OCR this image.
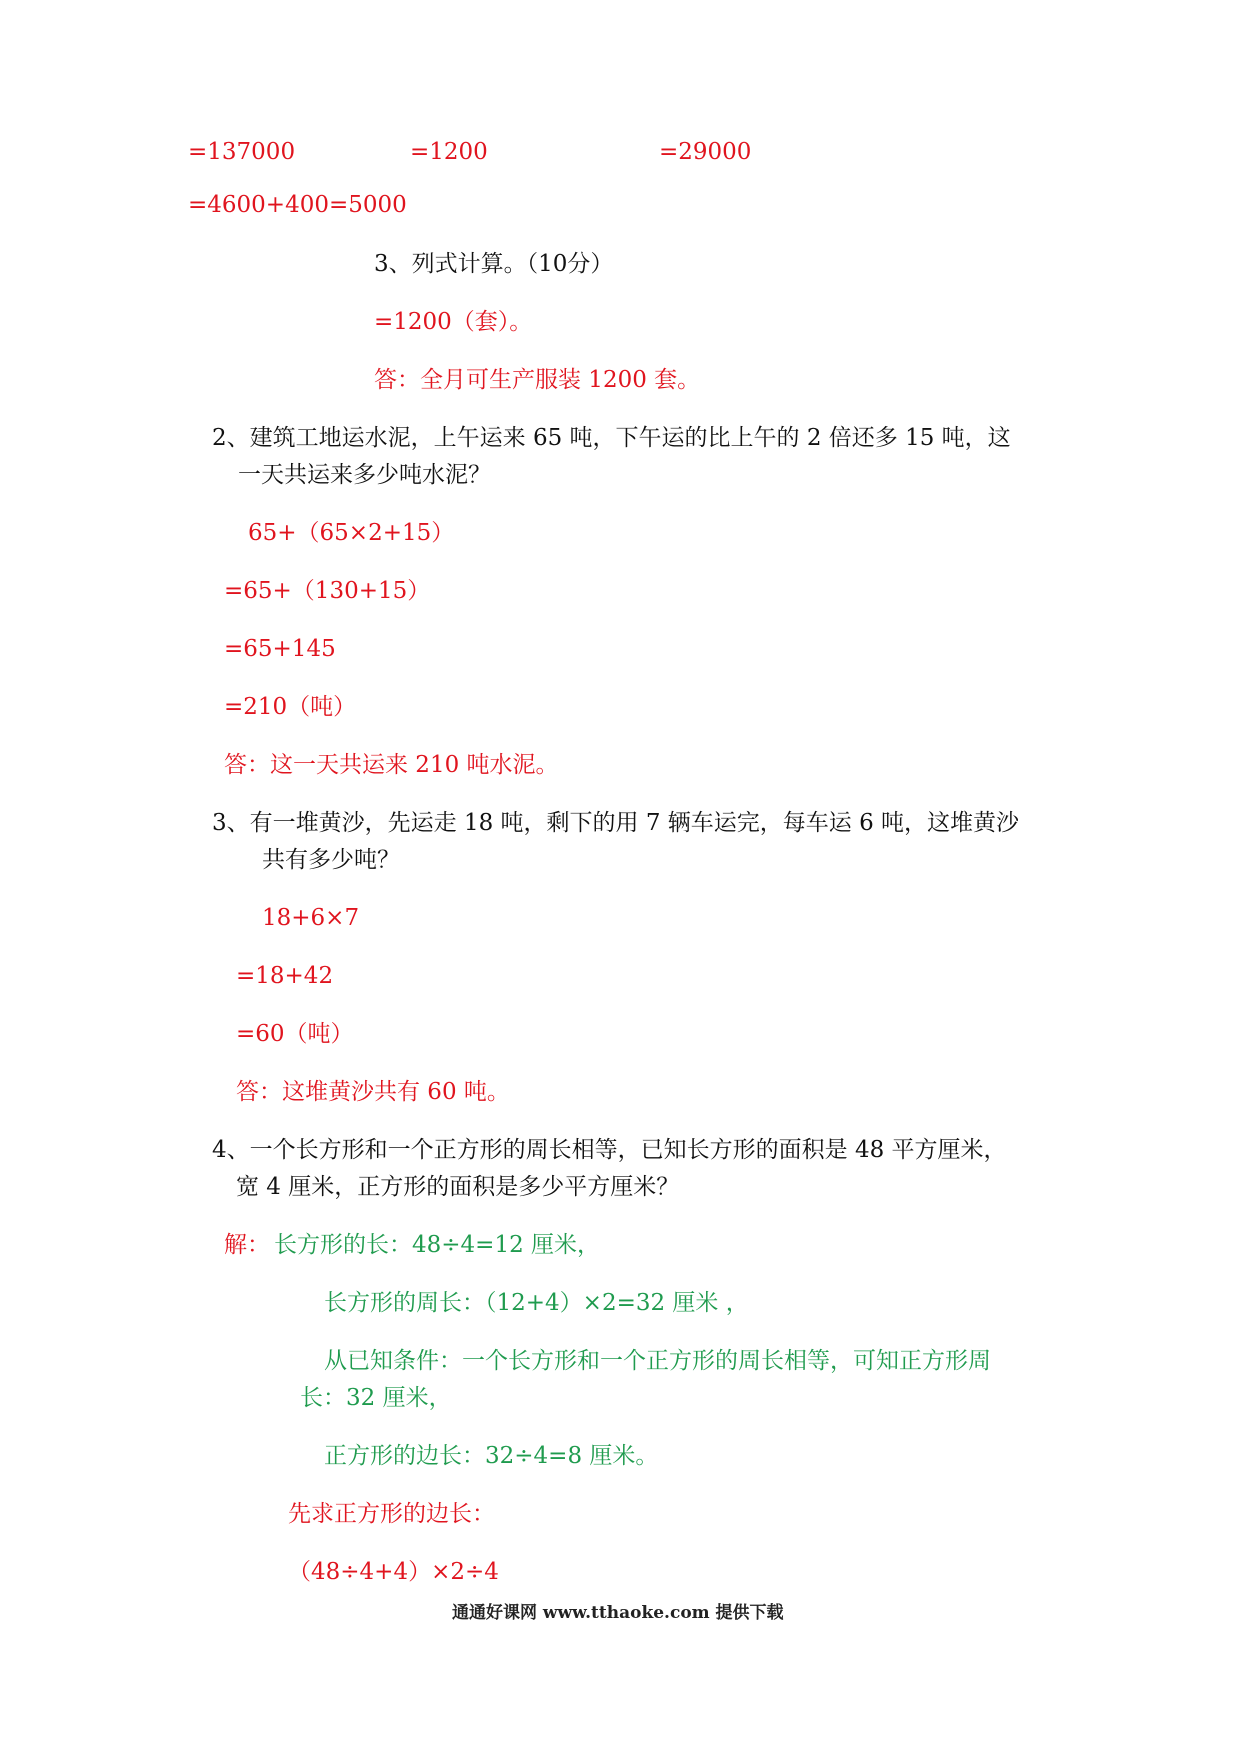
=137000	=1200	=29000
=4600+400=5000
3、列式计算。（10分）
=1200（套）。
答：全月可生产服装 1200 套。
2、建筑工地运水泥，上午运来 65 吨，下午运的比上午的 2 倍还多 15 吨，这
一天共运来多少吨水泥？
65+（65×2+15）
=65+（130+15）
=65+145
=210（吨）
答：这一天共运来 210 吨水泥。
3、有一堆黄沙，先运走 18 吨，剩下的用 7 辆车运完，每车运 6 吨，这堆黄沙
共有多少吨？
18+6×7
=18+42
=60（吨）
答：这堆黄沙共有 60 吨。
4、一个长方形和一个正方形的周长相等，已知长方形的面积是 48 平方厘米，
宽 4 厘米，正方形的面积是多少平方厘米？
解： 长方形的长：48÷4=12 厘米，
长方形的周长：（12+4）×2=32 厘米 ，
从已知条件：一个长方形和一个正方形的周长相等，可知正方形周
长：32 厘米，
正方形的边长：32÷4=8 厘米。
先求正方形的边长：
（48÷4+4）×2÷4
通通好课网 www.tthaoke.com 提供下载
